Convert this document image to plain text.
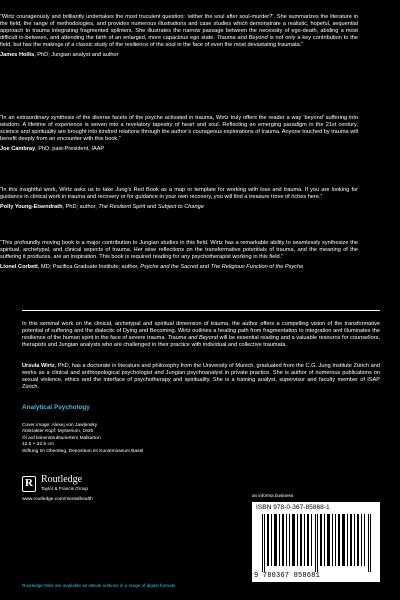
“Wirtz courageously and brilliantly undertakes the most truculent question: ‘wither the soul after soul-murder?’. She summarizes the literature in the field, the range of methodologies, and provides numerous illustrations and case studies which demonstrate a realistic, hopeful, sequential approach to trauma integrating fragmented splinters. She illustrates the narrow passage between the necessity of ego-death, abiding a most difficult in-between, and attending the birth of an enlarged, more capacious ego state. Trauma and Beyond is not only a key contribution to the field, but has the makings of a classic study of the resilience of the soul in the face of even the most devastating traumata.”

James Hollis, PhD; Jungian analyst and author

“In an extraordinary synthesis of the diverse facets of the psyche activated in trauma, Wirtz truly offers the reader a way ‘beyond’ suffering into wisdom. A lifetime of experience is woven into a revelatory tapestry of heart and soul. Reflecting an emerging paradigm in the 21st century, science and spirituality are brought into kindred relations through the author’s courageous explorations of trauma. Anyone touched by trauma will benefit deeply from an encounter with this book.”

Joe Cambray, PhD; past-President, IAAP

“In this insightful work, Wirtz asks us to take Jung’s Red Book as a map or template for working with loss and trauma. If you are looking for guidance in clinical work in trauma and recovery or for guidance in your own recovery, you will find a treasure trove of riches here.”

Polly Young-Eisendrath, PhD; author, The Resilient Spirit and Subject to Change

“This profoundly moving book is a major contribution to Jungian studies in this field. Wirtz has a remarkable ability to seamlessly synthesize the spiritual, archetypal, and clinical aspects of trauma. Her wise reflections on the transformative potentials of trauma, and the meaning of the suffering it produces, are an inspiration. This book is required reading for any psychotherapist working in this field.”

Lionel Corbett, MD; Pacifica Graduate Institute; author, Psyche and the Sacred and The Religious Function of the Psyche

In this seminal work on the clinical, archetypal and spiritual dimension of trauma, the author offers a compelling vision of the transformative potential of suffering and the dialectic of Dying and Becoming. Wirtz outlines a healing path from fragmentation to integration and illuminates the resilience of the human spirit in the face of severe trauma. Trauma and Beyond will be essential reading and a valuable resource for counsellors, therapists and Jungian analysts who are challenged in their practice with individual and collective traumata.

Ursula Wirtz, PhD, has a doctorate in literature and philosophy from the University of Munich, graduated from the C.G. Jung Institute Zürich and works as a clinical and anthropological psychologist and Jungian psychoanalyst in private practice. She is author of numerous publications on sexual violence, ethics and the interface of psychotherapy and spirituality. She is a training analyst, supervisor and faculty member of ISAP Zürich.

Analytical Psychology
Cover image: Alexej von Jawlensky
Abstrakter Kopf: Mysterium, 1925
Öl auf leinenstrukturiertem Malkarton
42.5 × 32.5 cm
Stiftung Im Obersteg, Depositum im Kunstmuseum Basel
R Routledge
Taylor & Francis Group
www.routledge.com/mentalhealth
an informa business
ISBN 978-0-367-85868-1
9 780367 858681
Routledge titles are available as eBook editions in a range of digital formats
